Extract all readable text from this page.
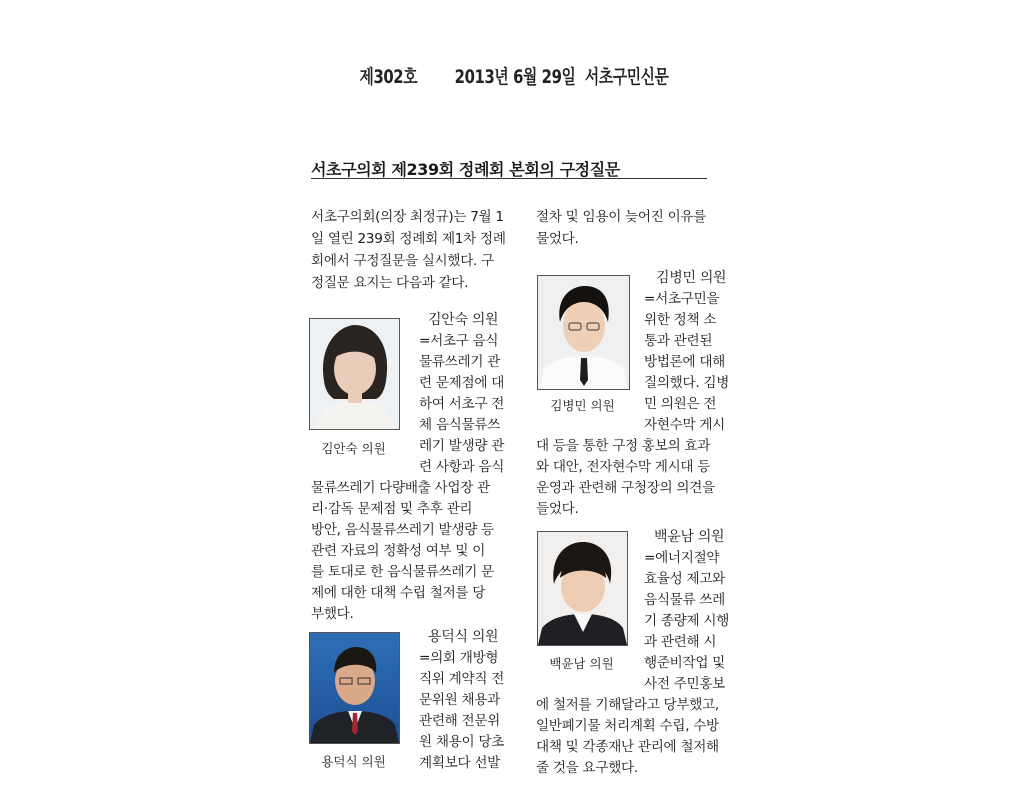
제302호 2013년 6월 29일 서초구민신문
서초구의회 제239회 정례회 본회의 구정질문
서초구의회(의장 최정규)는 7월 1
일 열린 239회 정례회 제1차 정례
회에서 구정질문을 실시했다. 구
정질문 요지는 다음과 같다.
김안숙 의원
김안숙 의원
=서초구 음식
물류쓰레기 관
련 문제점에 대
하여 서초구 전
체 음식물류쓰
레기 발생량 관
련 사항과 음식
물류쓰레기 다량배출 사업장 관
리·감독 문제점 및 추후 관리
방안, 음식물류쓰레기 발생량 등
관련 자료의 정확성 여부 및 이
를 토대로 한 음식물류쓰레기 문
제에 대한 대책 수립 철저를 당
부했다.
용덕식 의원
용덕식 의원
=의회 개방형
직위 계약직 전
문위원 채용과
관련해 전문위
원 채용이 당초
계획보다 선발
절차 및 임용이 늦어진 이유를
물었다.
김병민 의원
김병민 의원
=서초구민을
위한 정책 소
통과 관련된
방법론에 대해
질의했다. 김병
민 의원은 전
자현수막 게시
대 등을 통한 구정 홍보의 효과
와 대안, 전자현수막 게시대 등
운영과 관련해 구청장의 의견을
들었다.
백윤남 의원
백윤남 의원
=에너지절약
효율성 제고와
음식물류 쓰레
기 종량제 시행
과 관련해 시
행준비작업 및
사전 주민홍보
에 철저를 기해달라고 당부했고,
일반폐기물 처리계획 수립, 수방
대책 및 각종재난 관리에 철저해
줄 것을 요구했다.
